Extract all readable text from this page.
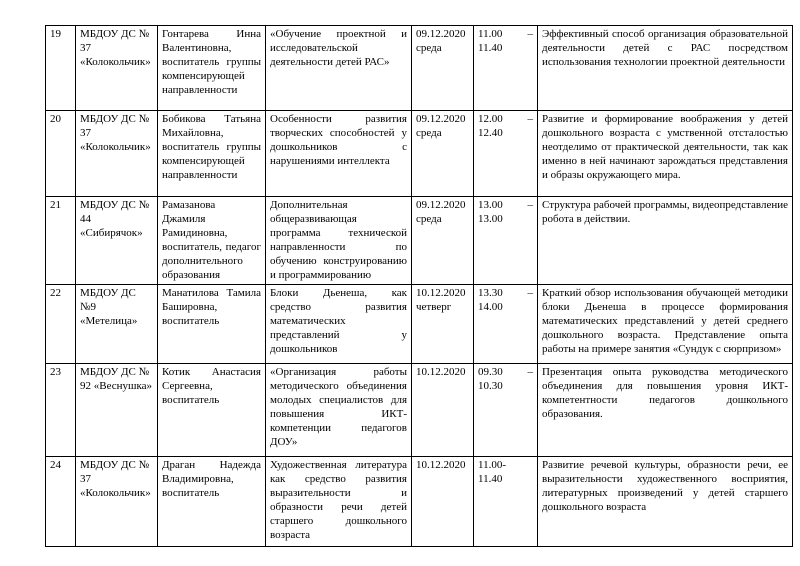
19	МБДОУ ДС № 37 «Колокольчик»	Гонтарева Инна Валентиновна, воспитатель группы компенсирующей направленности	«Обучение проектной и исследовательской деятельности детей РАС»	09.12.2020 среда	11.00 – 11.40	Эффективный способ организация образовательной деятельности детей с РАС посредством использования технологии проектной деятельности
20	МБДОУ ДС № 37 «Колокольчик»	Бобикова Татьяна Михайловна, воспитатель группы компенсирующей направленности	Особенности развития творческих способностей у дошкольников с нарушениями интеллекта	09.12.2020 среда	12.00 – 12.40	Развитие и формирование воображения у детей дошкольного возраста с умственной отсталостью неотделимо от практической деятельности, так как именно в ней начинают зарождаться представления и образы окружающего мира.
21	МБДОУ ДС № 44 «Сибирячок»	Рамазанова Джамиля Рамидиновна, воспитатель, педагог дополнительного образования	Дополнительная общеразвивающая программа технической направленности по обучению конструированию и программированию	09.12.2020 среда	13.00 – 13.00	Структура рабочей программы, видеопредставление робота в действии.
22	МБДОУ ДС №9 «Метелица»	Манатилова Тамила Башировна, воспитатель	Блоки Дьенеша, как средство развития математических представлений у дошкольников	10.12.2020 четверг	13.30 – 14.00	Краткий обзор использования обучающей методики блоки Дьенеша в процессе формирования математических представлений у детей среднего дошкольного возраста. Представление опыта работы на примере занятия «Сундук с сюрпризом»
23	МБДОУ ДС № 92 «Веснушка»	Котик Анастасия Сергеевна, воспитатель	«Организация работы методического объединения молодых специалистов для повышения ИКТ-компетенции педагогов ДОУ»	10.12.2020	09.30 – 10.30	Презентация опыта руководства методического объединения для повышения уровня ИКТ-компетентности педагогов дошкольного образования.
24	МБДОУ ДС № 37 «Колокольчик»	Драган Надежда Владимировна, воспитатель	Художественная литература как средство развития выразительности и образности речи детей старшего дошкольного возраста	10.12.2020	11.00- 11.40	Развитие речевой культуры, образности речи, ее выразительности художественного восприятия, литературных произведений у детей старшего дошкольного возраста
